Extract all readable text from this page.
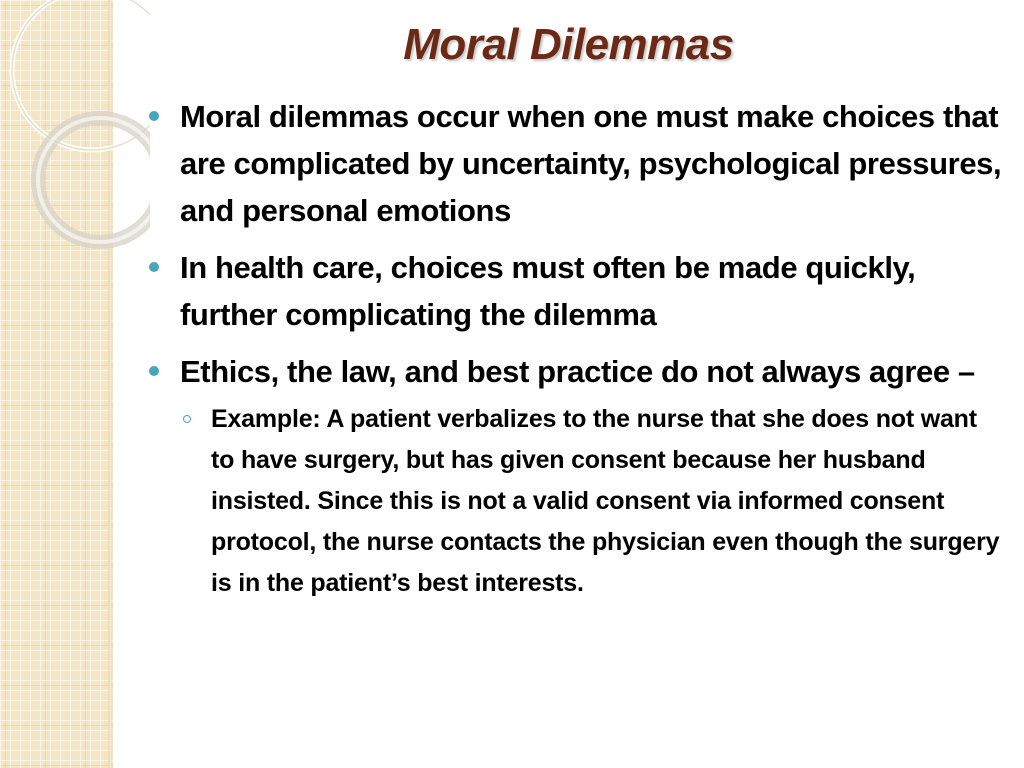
Moral Dilemmas
Moral dilemmas occur when one must make choices that are complicated by uncertainty, psychological pressures, and personal emotions
In health care, choices must often be made quickly, further complicating the dilemma
Ethics, the law, and best practice do not always agree –
Example: A patient verbalizes to the nurse that she does not want to have surgery, but has given consent because her husband insisted. Since this is not a valid consent via informed consent protocol, the nurse contacts the physician even though the surgery is in the patient’s best interests.
